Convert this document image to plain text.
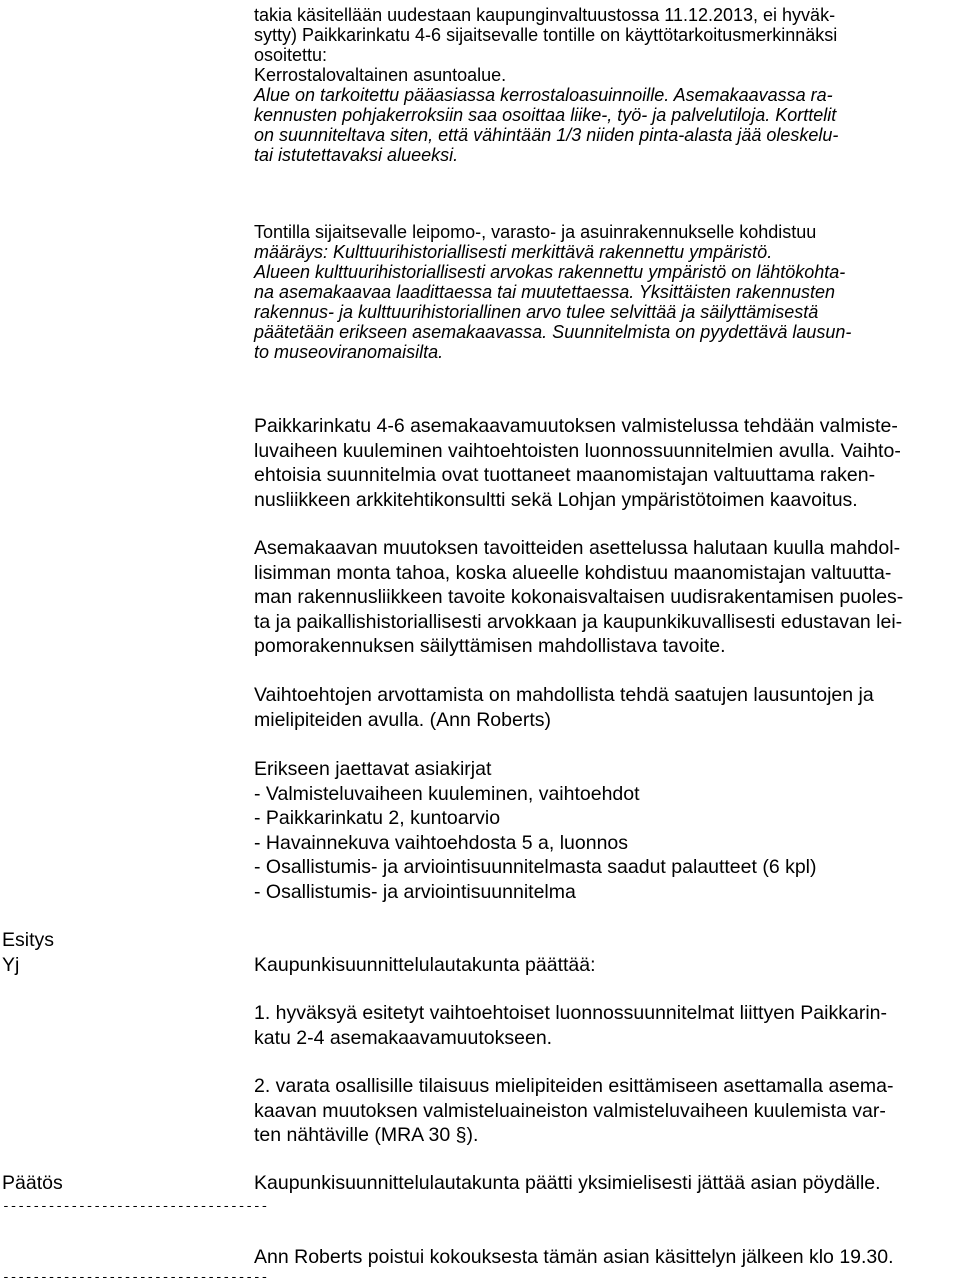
takia käsitellään uudestaan kaupunginvaltuustossa 11.12.2013, ei hyväk-
sytty) Paikkarinkatu 4-6 sijaitsevalle tontille on käyttötarkoitusmerkinnäksi
osoitettu:
Kerrostalovaltainen asuntoalue.
Alue on tarkoitettu pääasiassa kerrostaloasuinnoille. Asemakaavassa ra-
kennusten pohjakerroksiin saa osoittaa liike-, työ- ja palvelutiloja. Korttelit
on suunniteltava siten, että vähintään 1/3 niiden pinta-alasta jää oleskelu-
tai istutettavaksi alueeksi.
Tontilla sijaitsevalle leipomo-, varasto- ja asuinrakennukselle kohdistuu
määräys: Kulttuurihistoriallisesti merkittävä rakennettu ympäristö.
Alueen kulttuurihistoriallisesti arvokas rakennettu ympäristö on lähtökohta-
na asemakaavaa laadittaessa tai muutettaessa. Yksittäisten rakennusten
rakennus- ja kulttuurihistoriallinen arvo tulee selvittää ja säilyttämisestä
päätetään erikseen asemakaavassa. Suunnitelmista on pyydettävä lausun-
to museoviranomaisilta.
Paikkarinkatu 4-6 asemakaavamuutoksen valmistelussa tehdään valmiste-
luvaiheen kuuleminen vaihtoehtoisten luonnossuunnitelmien avulla. Vaihto-
ehtoisia suunnitelmia ovat tuottaneet maanomistajan valtuuttama raken-
nusliikkeen arkkitehtikonsultti sekä Lohjan ympäristötoimen kaavoitus.
Asemakaavan muutoksen tavoitteiden asettelussa halutaan kuulla mahdol-
lisimman monta tahoa, koska alueelle kohdistuu maanomistajan valtuutta-
man rakennusliikkeen tavoite kokonaisvaltaisen uudisrakentamisen puoles-
ta ja paikallishistoriallisesti arvokkaan ja kaupunkikuvallisesti edustavan lei-
pomorakennuksen säilyttämisen mahdollistava tavoite.
Vaihtoehtojen arvottamista on mahdollista tehdä saatujen lausuntojen ja
mielipiteiden avulla. (Ann Roberts)
Erikseen jaettavat asiakirjat
- Valmisteluvaiheen kuuleminen, vaihtoehdot
- Paikkarinkatu 2, kuntoarvio
- Havainnekuva vaihtoehdosta 5 a, luonnos
- Osallistumis- ja arviointisuunnitelmasta saadut palautteet (6 kpl)
- Osallistumis- ja arviointisuunnitelma
Esitys
Yj	Kaupunkisuunnittelulautakunta päättää:
1. hyväksyä esitetyt vaihtoehtoiset luonnossuunnitelmat liittyen Paikkarin-
katu 2-4 asemakaavamuutokseen.
2. varata osallisille tilaisuus mielipiteiden esittämiseen asettamalla asema-
kaavan muutoksen valmisteluaineiston valmisteluvaiheen kuulemista var-
ten nähtäville (MRA 30 §).
Päätös	Kaupunkisuunnittelulautakunta päätti yksimielisesti jättää asian pöydälle.
-----------------------------------
Ann Roberts poistui kokouksesta tämän asian käsittelyn jälkeen klo 19.30.
-----------------------------------
